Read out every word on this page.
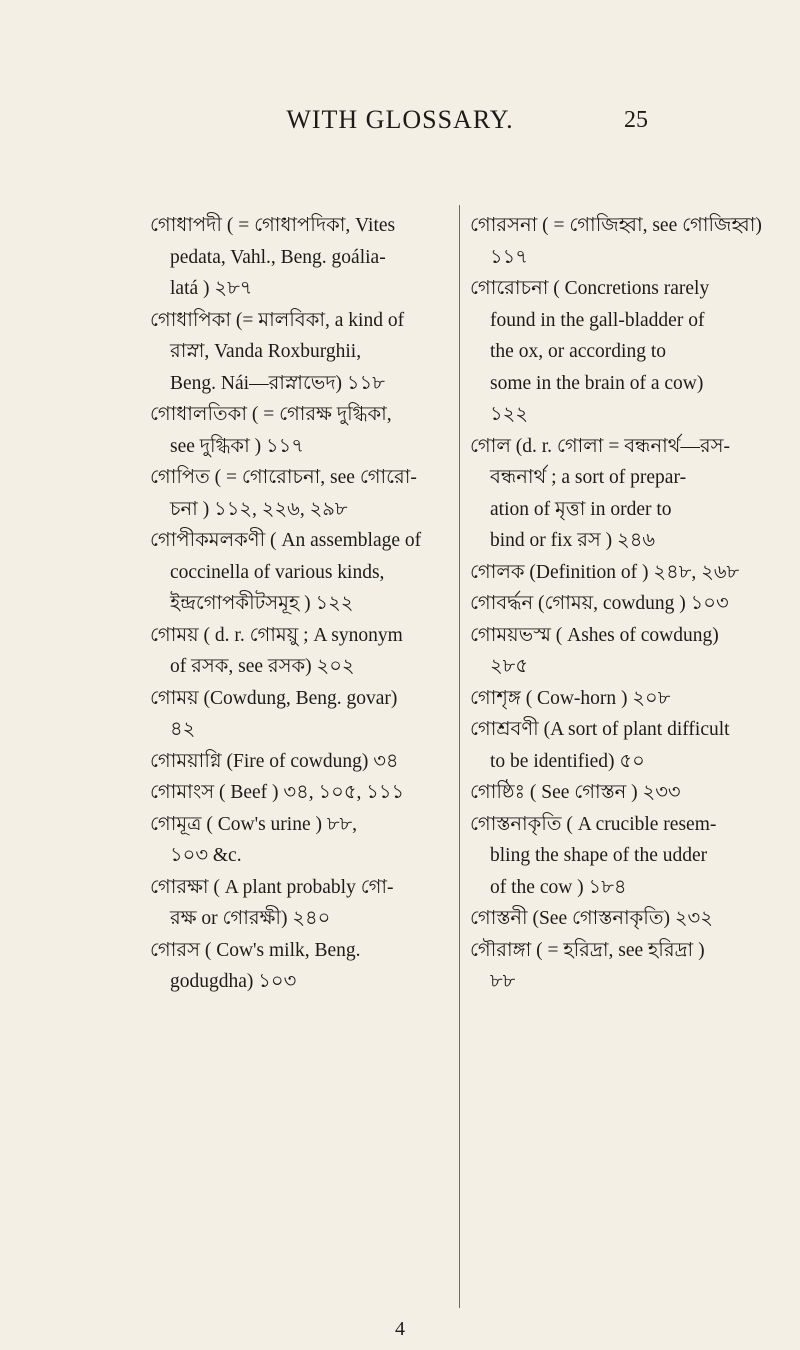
WITH GLOSSARY.	25
গোধাপদী ( = গোধাপদিকা, Vites
pedata, Vahl., Beng. goália-
latá ) ২৮৭
গোধাপিকা (= মালবিকা, a kind of
রাস্না, Vanda Roxburghii,
Beng. Nái—রাস্নাভেদ) ১১৮
গোধালতিকা ( = গোরক্ষ দুগ্ধিকা,
see দুগ্ধিকা ) ১১৭
গোপিত ( = গোরোচনা, see গোরো-
চনা ) ১১২, ২২৬, ২৯৮
গোপীকমলকণী ( An assemblage of
coccinella of various kinds,
ইন্দ্রগোপকীটসমূহ ) ১২২
গোময় ( d. r. গোময়ু ; A synonym
of রসক, see রসক) ২০২
গোময় (Cowdung, Beng. govar)
৪২
গোময়াগ্নি (Fire of cowdung) ৩৪
গোমাংস ( Beef ) ৩৪, ১০৫, ১১১
গোমূত্র ( Cow's urine ) ৮৮,
১০৩ &c.
গোরক্ষা ( A plant probably গো-
রক্ষ or গোরক্ষী) ২৪০
গোরস ( Cow's milk, Beng.
godugdha) ১০৩
গোরসনা ( = গোজিহ্বা, see গোজিহ্বা)
১১৭
গোরোচনা ( Concretions rarely
found in the gall-bladder of
the ox, or according to
some in the brain of a cow)
১২২
গোল (d. r. গোলা = বন্ধনার্থ—রস-
বন্ধনার্থ ; a sort of prepar-
ation of মৃত্তা in order to
bind or fix রস ) ২৪৬
গোলক (Definition of ) ২৪৮, ২৬৮
গোবর্দ্ধন (গোময়, cowdung ) ১০৩
গোময়ভস্ম ( Ashes of cowdung)
২৮৫
গোশৃঙ্গ ( Cow-horn ) ২০৮
গোশ্রবণী (A sort of plant difficult
to be identified) ৫০
গোষ্ঠিঃ ( See গোস্তন ) ২৩৩
গোস্তনাকৃতি ( A crucible resem-
bling the shape of the udder
of the cow ) ১৮৪
গোস্তনী (See গোস্তনাকৃতি) ২৩২
গৌরাঙ্গা ( = হরিদ্রা, see হরিদ্রা )
৮৮
4
